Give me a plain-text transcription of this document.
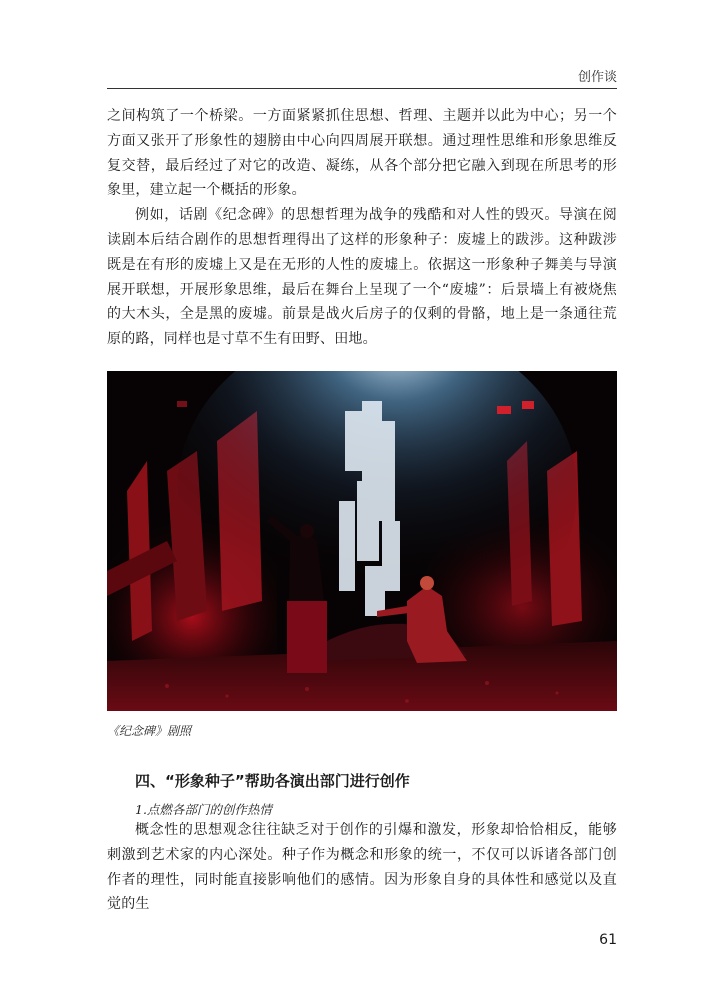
创作谈

之间构筑了一个桥梁。一方面紧紧抓住思想、哲理、主题并以此为中心；另一个方面又张开了形象性的翅膀由中心向四周展开联想。通过理性思维和形象思维反复交替，最后经过了对它的改造、凝练，从各个部分把它融入到现在所思考的形象里，建立起一个概括的形象。

例如，话剧《纪念碑》的思想哲理为战争的残酷和对人性的毁灭。导演在阅读剧本后结合剧作的思想哲理得出了这样的形象种子：废墟上的跋涉。这种跋涉既是在有形的废墟上又是在无形的人性的废墟上。依据这一形象种子舞美与导演展开联想，开展形象思维，最后在舞台上呈现了一个“废墟”：后景墙上有被烧焦的大木头，全是黑的废墟。前景是战火后房子的仅剩的骨骼，地上是一条通往荒原的路，同样也是寸草不生有田野、田地。

《纪念碑》剧照
四、“形象种子”帮助各演出部门进行创作
1.点燃各部门的创作热情

概念性的思想观念往往缺乏对于创作的引爆和激发，形象却恰恰相反，能够刺激到艺术家的内心深处。种子作为概念和形象的统一，不仅可以诉诸各部门创作者的理性，同时能直接影响他们的感情。因为形象自身的具体性和感觉以及直觉的生

61
